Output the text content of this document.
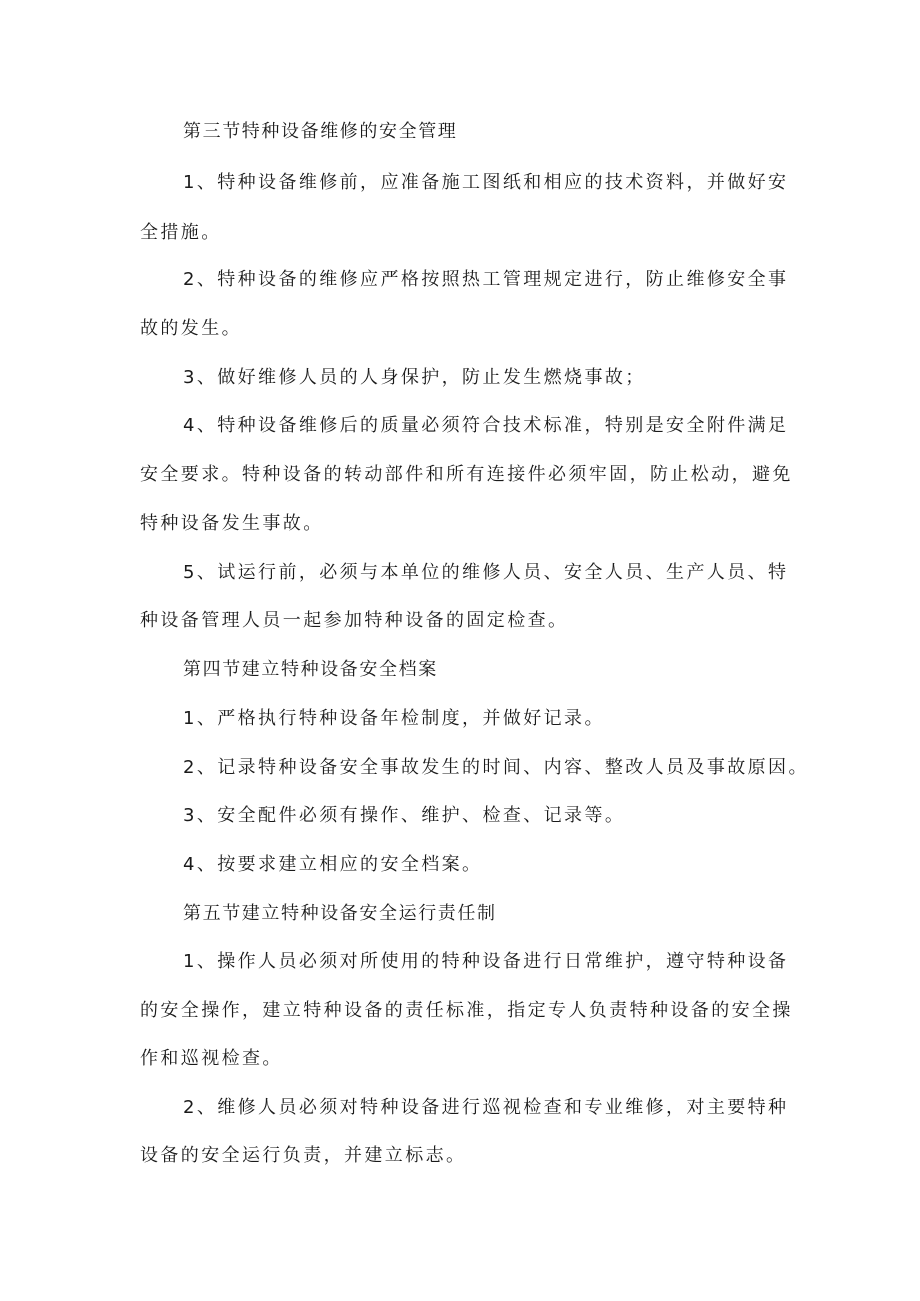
第三节特种设备维修的安全管理

1、特种设备维修前，应准备施工图纸和相应的技术资料，并做好安

全措施。

2、特种设备的维修应严格按照热工管理规定进行，防止维修安全事

故的发生。

3、做好维修人员的人身保护，防止发生燃烧事故；

4、特种设备维修后的质量必须符合技术标准，特别是安全附件满足

安全要求。特种设备的转动部件和所有连接件必须牢固，防止松动，避免

特种设备发生事故。

5、试运行前，必须与本单位的维修人员、安全人员、生产人员、特

种设备管理人员一起参加特种设备的固定检查。

第四节建立特种设备安全档案

1、严格执行特种设备年检制度，并做好记录。

2、记录特种设备安全事故发生的时间、内容、整改人员及事故原因。

3、安全配件必须有操作、维护、检查、记录等。

4、按要求建立相应的安全档案。

第五节建立特种设备安全运行责任制

1、操作人员必须对所使用的特种设备进行日常维护，遵守特种设备

的安全操作，建立特种设备的责任标准，指定专人负责特种设备的安全操

作和巡视检查。

2、维修人员必须对特种设备进行巡视检查和专业维修，对主要特种

设备的安全运行负责，并建立标志。
